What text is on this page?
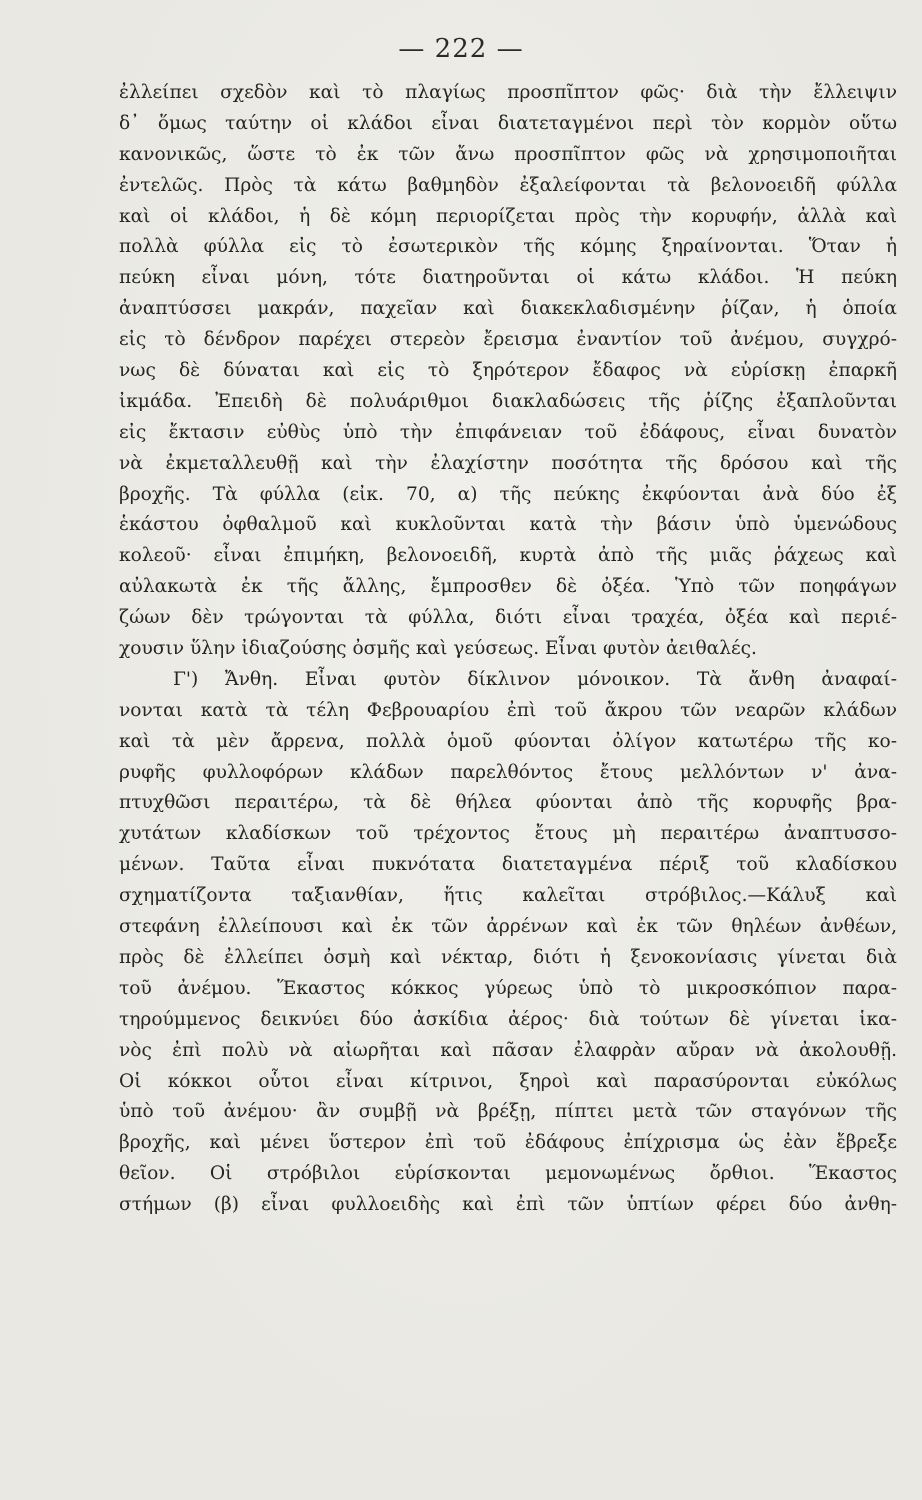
— 222 —
ἐλλείπει σχεδὸν καὶ τὸ πλαγίως προσπῖπτον φῶς· διὰ τὴν ἔλλειψιν
δ᾽ ὅμως ταύτην οἱ κλάδοι εἶναι διατεταγμένοι περὶ τὸν κορμὸν οὕτω
κανονικῶς, ὥστε τὸ ἐκ τῶν ἄνω προσπῖπτον φῶς νὰ χρησιμοποιῆται
ἐντελῶς. Πρὸς τὰ κάτω βαθμηδὸν ἐξαλείφονται τὰ βελονοειδῆ φύλλα
καὶ οἱ κλάδοι, ἡ δὲ κόμη περιορίζεται πρὸς τὴν κορυφήν, ἀλλὰ καὶ
πολλὰ φύλλα εἰς τὸ ἐσωτερικὸν τῆς κόμης ξηραίνονται. Ὅταν ἡ
πεύκη εἶναι μόνη, τότε διατηροῦνται οἱ κάτω κλάδοι. Ἡ πεύκη
ἀναπτύσσει μακράν, παχεῖαν καὶ διακεκλαδισμένην ῥίζαν, ἡ ὁποία
εἰς τὸ δένδρον παρέχει στερεὸν ἔρεισμα ἐναντίον τοῦ ἀνέμου, συγχρό-
νως δὲ δύναται καὶ εἰς τὸ ξηρότερον ἔδαφος νὰ εὑρίσκῃ ἐπαρκῆ
ἰκμάδα. Ἐπειδὴ δὲ πολυάριθμοι διακλαδώσεις τῆς ῥίζης ἐξαπλοῦνται
εἰς ἔκτασιν εὐθὺς ὑπὸ τὴν ἐπιφάνειαν τοῦ ἐδάφους, εἶναι δυνατὸν
νὰ ἐκμεταλλευθῇ καὶ τὴν ἐλαχίστην ποσότητα τῆς δρόσου καὶ τῆς
βροχῆς. Τὰ φύλλα (εἰκ. 70, α) τῆς πεύκης ἐκφύονται ἀνὰ δύο ἐξ
ἑκάστου ὀφθαλμοῦ καὶ κυκλοῦνται κατὰ τὴν βάσιν ὑπὸ ὑμενώδους
κολεοῦ· εἶναι ἐπιμήκη, βελονοειδῆ, κυρτὰ ἀπὸ τῆς μιᾶς ῥάχεως καὶ
αὐλακωτὰ ἐκ τῆς ἄλλης, ἔμπροσθεν δὲ ὀξέα. Ὑπὸ τῶν ποηφάγων
ζώων δὲν τρώγονται τὰ φύλλα, διότι εἶναι τραχέα, ὀξέα καὶ περιέ-
χουσιν ὕλην ἰδιαζούσης ὀσμῆς καὶ γεύσεως. Εἶναι φυτὸν ἀειθαλές.
Γ') Ἄνθη. Εἶναι φυτὸν δίκλινον μόνοικον. Τὰ ἄνθη ἀναφαί-
νονται κατὰ τὰ τέλη Φεβρουαρίου ἐπὶ τοῦ ἄκρου τῶν νεαρῶν κλάδων
καὶ τὰ μὲν ἄρρενα, πολλὰ ὁμοῦ φύονται ὀλίγον κατωτέρω τῆς κο-
ρυφῆς φυλλοφόρων κλάδων παρελθόντος ἔτους μελλόντων ν' ἀνα-
πτυχθῶσι περαιτέρω, τὰ δὲ θήλεα φύονται ἀπὸ τῆς κορυφῆς βρα-
χυτάτων κλαδίσκων τοῦ τρέχοντος ἔτους μὴ περαιτέρω ἀναπτυσσο-
μένων. Ταῦτα εἶναι πυκνότατα διατεταγμένα πέριξ τοῦ κλαδίσκου
σχηματίζοντα ταξιανθίαν, ἥτις καλεῖται στρόβιλος.—Κάλυξ καὶ
στεφάνη ἐλλείπουσι καὶ ἐκ τῶν ἀρρένων καὶ ἐκ τῶν θηλέων ἀνθέων,
πρὸς δὲ ἐλλείπει ὀσμὴ καὶ νέκταρ, διότι ἡ ξενοκονίασις γίνεται διὰ
τοῦ ἀνέμου. Ἕκαστος κόκκος γύρεως ὑπὸ τὸ μικροσκόπιον παρα-
τηρούμμενος δεικνύει δύο ἀσκίδια ἀέρος· διὰ τούτων δὲ γίνεται ἱκα-
νὸς ἐπὶ πολὺ νὰ αἰωρῆται καὶ πᾶσαν ἐλαφρὰν αὔραν νὰ ἀκολουθῇ.
Οἱ κόκκοι οὗτοι εἶναι κίτρινοι, ξηροὶ καὶ παρασύρονται εὐκόλως
ὑπὸ τοῦ ἀνέμου· ἂν συμβῇ νὰ βρέξῃ, πίπτει μετὰ τῶν σταγόνων τῆς
βροχῆς, καὶ μένει ὕστερον ἐπὶ τοῦ ἐδάφους ἐπίχρισμα ὡς ἐὰν ἔβρεξε
θεῖον. Οἱ στρόβιλοι εὑρίσκονται μεμονωμένως ὄρθιοι. Ἕκαστος
στήμων (β) εἶναι φυλλοειδὴς καὶ ἐπὶ τῶν ὑπτίων φέρει δύο ἀνθη-
